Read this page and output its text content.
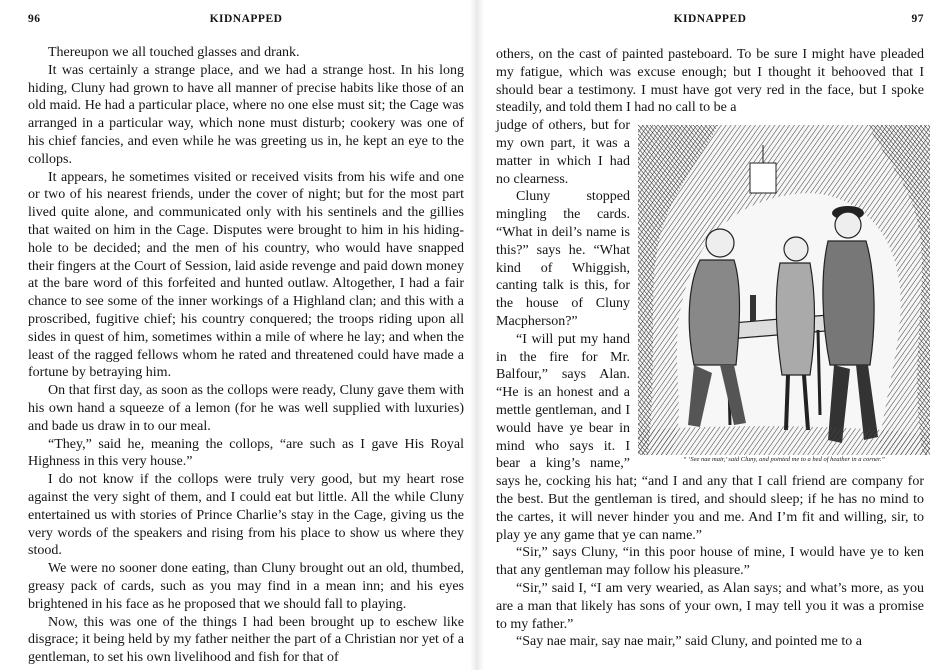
96	KIDNAPPED

Thereupon we all touched glasses and drank.

It was certainly a strange place, and we had a strange host. In his long hiding, Cluny had grown to have all manner of precise habits like those of an old maid. He had a particular place, where no one else must sit; the Cage was arranged in a particular way, which none must disturb; cookery was one of his chief fancies, and even while he was greeting us in, he kept an eye to the collops.

It appears, he sometimes visited or received visits from his wife and one or two of his nearest friends, under the cover of night; but for the most part lived quite alone, and communicated only with his sentinels and the gillies that waited on him in the Cage. Disputes were brought to him in his hiding-hole to be decided; and the men of his country, who would have snapped their fingers at the Court of Session, laid aside revenge and paid down money at the bare word of this forfeited and hunted outlaw. Altogether, I had a fair chance to see some of the inner workings of a Highland clan; and this with a proscribed, fugitive chief; his country conquered; the troops riding upon all sides in quest of him, sometimes within a mile of where he lay; and when the least of the ragged fellows whom he rated and threatened could have made a fortune by betraying him.

On that first day, as soon as the collops were ready, Cluny gave them with his own hand a squeeze of a lemon (for he was well supplied with luxuries) and bade us draw in to our meal.

“They,” said he, meaning the collops, “are such as I gave His Royal Highness in this very house.”

I do not know if the collops were truly very good, but my heart rose against the very sight of them, and I could eat but little. All the while Cluny entertained us with stories of Prince Charlie’s stay in the Cage, giving us the very words of the speakers and rising from his place to show us where they stood.

We were no sooner done eating, than Cluny brought out an old, thumbed, greasy pack of cards, such as you may find in a mean inn; and his eyes brightened in his face as he proposed that we should fall to playing.

Now, this was one of the things I had been brought up to eschew like disgrace; it being held by my father neither the part of a Christian nor yet of a gentleman, to set his own livelihood and fish for that of

KIDNAPPED	97

others, on the cast of painted pasteboard. To be sure I might have pleaded my fatigue, which was excuse enough; but I thought it behooved that I should bear a testimony. I must have got very red in the face, but I spoke steadily, and told them I had no call to be a

“ ‘See nae mair,’ said Cluny, and pointed me to a bed of heather in a corner.”

judge of others, but for my own part, it was a matter in which I had no clearness.

Cluny stopped mingling the cards. “What in deil’s name is this?” says he. “What kind of Whiggish, canting talk is this, for the house of Cluny Macpherson?”

“I will put my hand in the fire for Mr. Balfour,” says Alan. “He is an honest and a mettle gentleman, and I would have ye bear in mind who says it. I bear a king’s name,” says he, cocking his hat; “and I and any that I call friend are company for the best. But the gentleman is tired, and should sleep; if he has no mind to the cartes, it will never hinder you and me. And I’m fit and willing, sir, to play ye any game that ye can name.”

“Sir,” says Cluny, “in this poor house of mine, I would have ye to ken that any gentleman may follow his pleasure.”

“Sir,” said I, “I am very wearied, as Alan says; and what’s more, as you are a man that likely has sons of your own, I may tell you it was a promise to my father.”

“Say nae mair, say nae mair,” said Cluny, and pointed me to a
